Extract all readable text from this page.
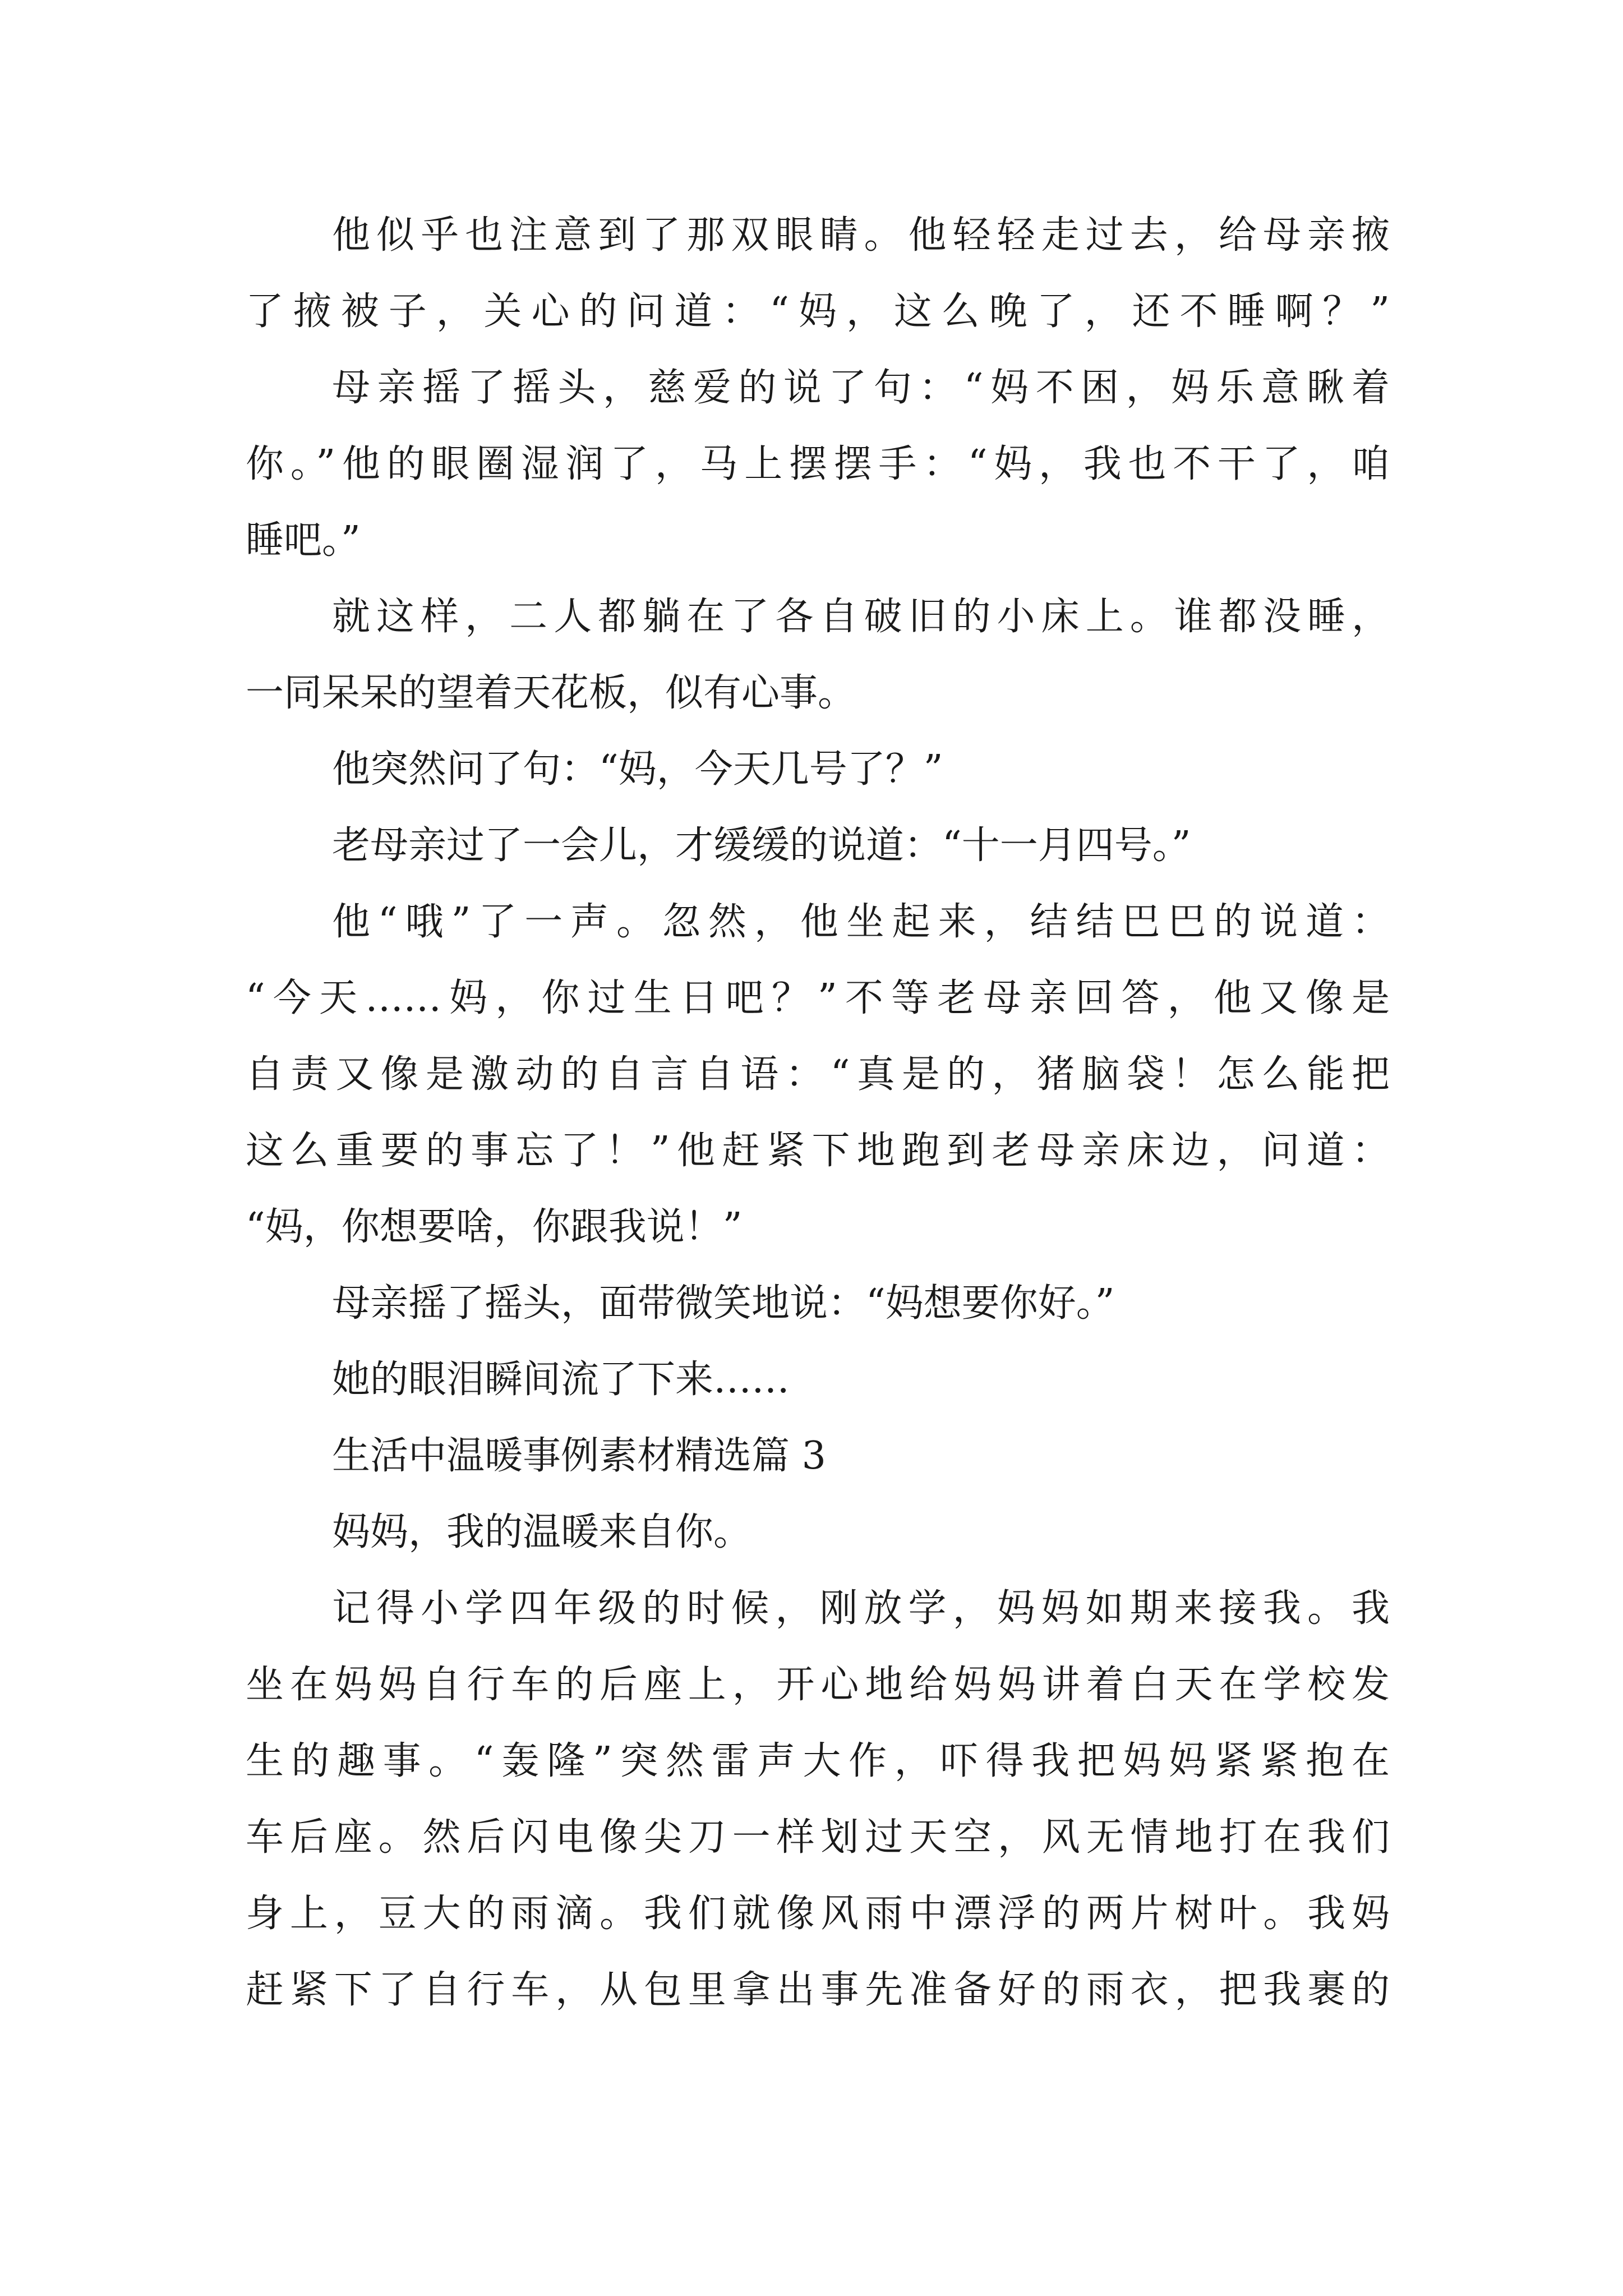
他似乎也注意到了那双眼睛。他轻轻走过去，给母亲掖
了掖被子，关心的问道：“妈，这么晚了，还不睡啊？”
母亲摇了摇头，慈爱的说了句：“妈不困，妈乐意瞅着
你。”他的眼圈湿润了，马上摆摆手：“妈，我也不干了，咱
睡吧。”
就这样，二人都躺在了各自破旧的小床上。谁都没睡，
一同呆呆的望着天花板，似有心事。
他突然问了句：“妈，今天几号了？”
老母亲过了一会儿，才缓缓的说道：“十一月四号。”
他“哦”了一声。忽然，他坐起来，结结巴巴的说道：
“今天……妈，你过生日吧？”不等老母亲回答，他又像是
自责又像是激动的自言自语：“真是的，猪脑袋！怎么能把
这么重要的事忘了！”他赶紧下地跑到老母亲床边，问道：
“妈，你想要啥，你跟我说！”
母亲摇了摇头，面带微笑地说：“妈想要你好。”
她的眼泪瞬间流了下来……
生活中温暖事例素材精选篇 3
妈妈，我的温暖来自你。
记得小学四年级的时候，刚放学，妈妈如期来接我。我
坐在妈妈自行车的后座上，开心地给妈妈讲着白天在学校发
生的趣事。“轰隆”突然雷声大作，吓得我把妈妈紧紧抱在
车后座。然后闪电像尖刀一样划过天空，风无情地打在我们
身上，豆大的雨滴。我们就像风雨中漂浮的两片树叶。我妈
赶紧下了自行车，从包里拿出事先准备好的雨衣，把我裹的
